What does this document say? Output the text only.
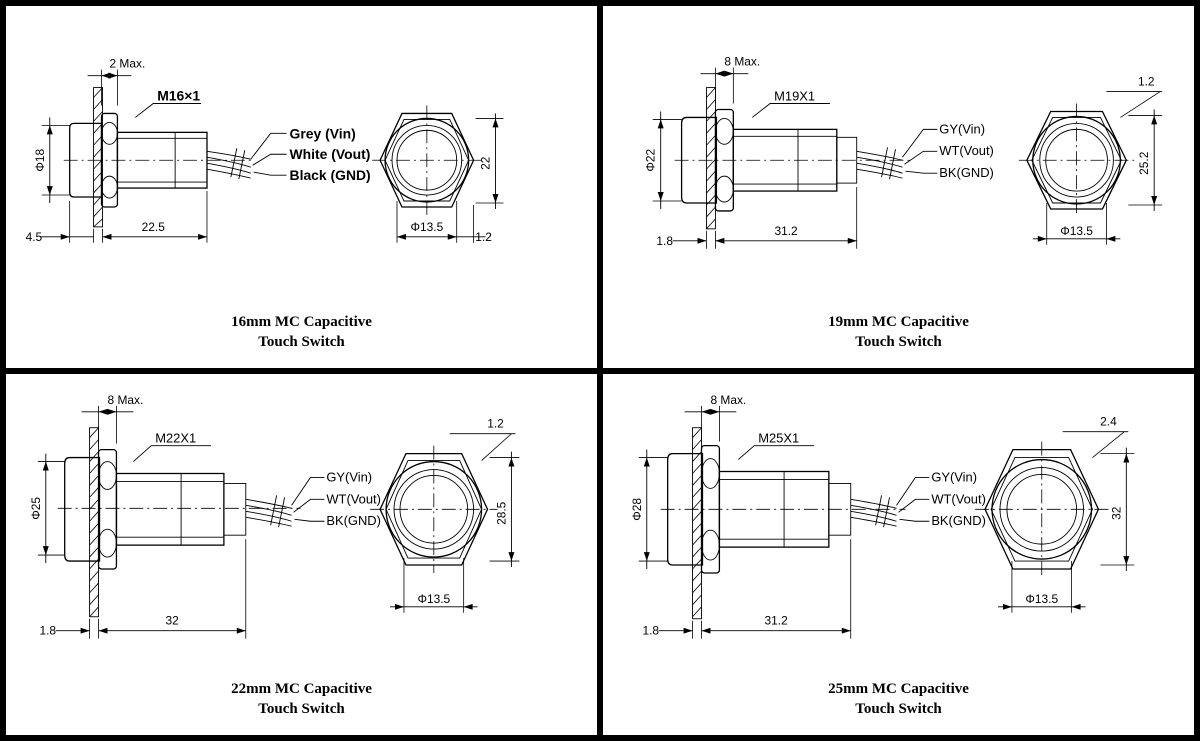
Grey (Vin)
White (Vout)
Black (GND)
M16×1
2 Max.
Φ18
4.5
22.5
22
Φ13.5
1.2
16mm MC Capacitive
Touch Switch
GY(Vin)
WT(Vout)
BK(GND)
M19X1
8 Max.
Φ22
1.8
31.2
1.2
25.2
Φ13.5
19mm MC Capacitive
Touch Switch
GY(Vin)
WT(Vout)
BK(GND)
M22X1
8 Max.
Φ25
1.8
32
1.2
28.5
Φ13.5
22mm MC Capacitive
Touch Switch
GY(Vin)
WT(Vout)
BK(GND)
M25X1
8 Max.
Φ28
1.8
31.2
2.4
32
Φ13.5
25mm MC Capacitive
Touch Switch
